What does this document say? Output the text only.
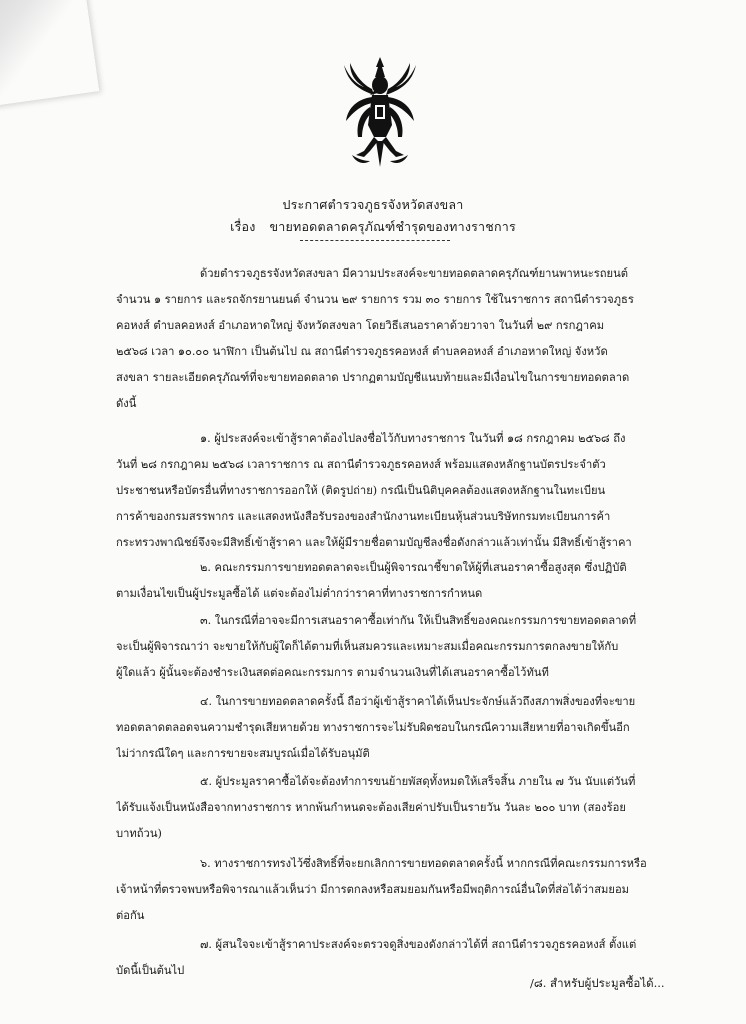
ประกาศตำรวจภูธรจังหวัดสงขลา
เรื่อง ขายทอดตลาดครุภัณฑ์ชำรุดของทางราชการ
ด้วยตำรวจภูธรจังหวัดสงขลา มีความประสงค์จะขายทอดตลาดครุภัณฑ์ยานพาหนะรถยนต์
จำนวน ๑ รายการ และรถจักรยานยนต์ จำนวน ๒๙ รายการ รวม ๓๐ รายการ ใช้ในราชการ สถานีตำรวจภูธร
คอหงส์ ตำบลคอหงส์ อำเภอหาดใหญ่ จังหวัดสงขลา โดยวิธีเสนอราคาด้วยวาจา ในวันที่ ๒๙ กรกฎาคม
๒๕๖๘ เวลา ๑๐.๐๐ นาฬิกา เป็นต้นไป ณ สถานีตำรวจภูธรคอหงส์ ตำบลคอหงส์ อำเภอหาดใหญ่ จังหวัด
สงขลา รายละเอียดครุภัณฑ์ที่จะขายทอดตลาด ปรากฏตามบัญชีแนบท้ายและมีเงื่อนไขในการขายทอดตลาด
ดังนี้
๑. ผู้ประสงค์จะเข้าสู้ราคาต้องไปลงชื่อไว้กับทางราชการ ในวันที่ ๑๘ กรกฎาคม ๒๕๖๘ ถึง
วันที่ ๒๘ กรกฎาคม ๒๕๖๘ เวลาราชการ ณ สถานีตำรวจภูธรคอหงส์ พร้อมแสดงหลักฐานบัตรประจำตัว
ประชาชนหรือบัตรอื่นที่ทางราชการออกให้ (ติดรูปถ่าย) กรณีเป็นนิติบุคคลต้องแสดงหลักฐานในทะเบียน
การค้าของกรมสรรพากร และแสดงหนังสือรับรองของสำนักงานทะเบียนหุ้นส่วนบริษัทกรมทะเบียนการค้า
กระทรวงพาณิชย์จึงจะมีสิทธิ์เข้าสู้ราคา และให้ผู้มีรายชื่อตามบัญชีลงชื่อดังกล่าวแล้วเท่านั้น มีสิทธิ์เข้าสู้ราคา
๒. คณะกรรมการขายทอดตลาดจะเป็นผู้พิจารณาชี้ขาดให้ผู้ที่เสนอราคาซื้อสูงสุด ซึ่งปฏิบัติ
ตามเงื่อนไขเป็นผู้ประมูลซื้อได้ แต่จะต้องไม่ต่ำกว่าราคาที่ทางราชการกำหนด
๓. ในกรณีที่อาจจะมีการเสนอราคาซื้อเท่ากัน ให้เป็นสิทธิ์ของคณะกรรมการขายทอดตลาดที่
จะเป็นผู้พิจารณาว่า จะขายให้กับผู้ใดก็ได้ตามที่เห็นสมควรและเหมาะสมเมื่อคณะกรรมการตกลงขายให้กับ
ผู้ใดแล้ว ผู้นั้นจะต้องชำระเงินสดต่อคณะกรรมการ ตามจำนวนเงินที่ได้เสนอราคาซื้อไว้ทันที
๔. ในการขายทอดตลาดครั้งนี้ ถือว่าผู้เข้าสู้ราคาได้เห็นประจักษ์แล้วถึงสภาพสิ่งของที่จะขาย
ทอดตลาดตลอดจนความชำรุดเสียหายด้วย ทางราชการจะไม่รับผิดชอบในกรณีความเสียหายที่อาจเกิดขึ้นอีก
ไม่ว่ากรณีใดๆ และการขายจะสมบูรณ์เมื่อได้รับอนุมัติ
๕. ผู้ประมูลราคาซื้อได้จะต้องทำการขนย้ายพัสดุทั้งหมดให้เสร็จสิ้น ภายใน ๗ วัน นับแต่วันที่
ได้รับแจ้งเป็นหนังสือจากทางราชการ หากพ้นกำหนดจะต้องเสียค่าปรับเป็นรายวัน วันละ ๒๐๐ บาท (สองร้อย
บาทถ้วน)
๖. ทางราชการทรงไว้ซึ่งสิทธิ์ที่จะยกเลิกการขายทอดตลาดครั้งนี้ หากกรณีที่คณะกรรมการหรือ
เจ้าหน้าที่ตรวจพบหรือพิจารณาแล้วเห็นว่า มีการตกลงหรือสมยอมกันหรือมีพฤติการณ์อื่นใดที่ส่อได้ว่าสมยอม
ต่อกัน
๗. ผู้สนใจจะเข้าสู้ราคาประสงค์จะตรวจดูสิ่งของดังกล่าวได้ที่ สถานีตำรวจภูธรคอหงส์ ตั้งแต่
บัดนี้เป็นต้นไป
/๘. สำหรับผู้ประมูลซื้อได้...
